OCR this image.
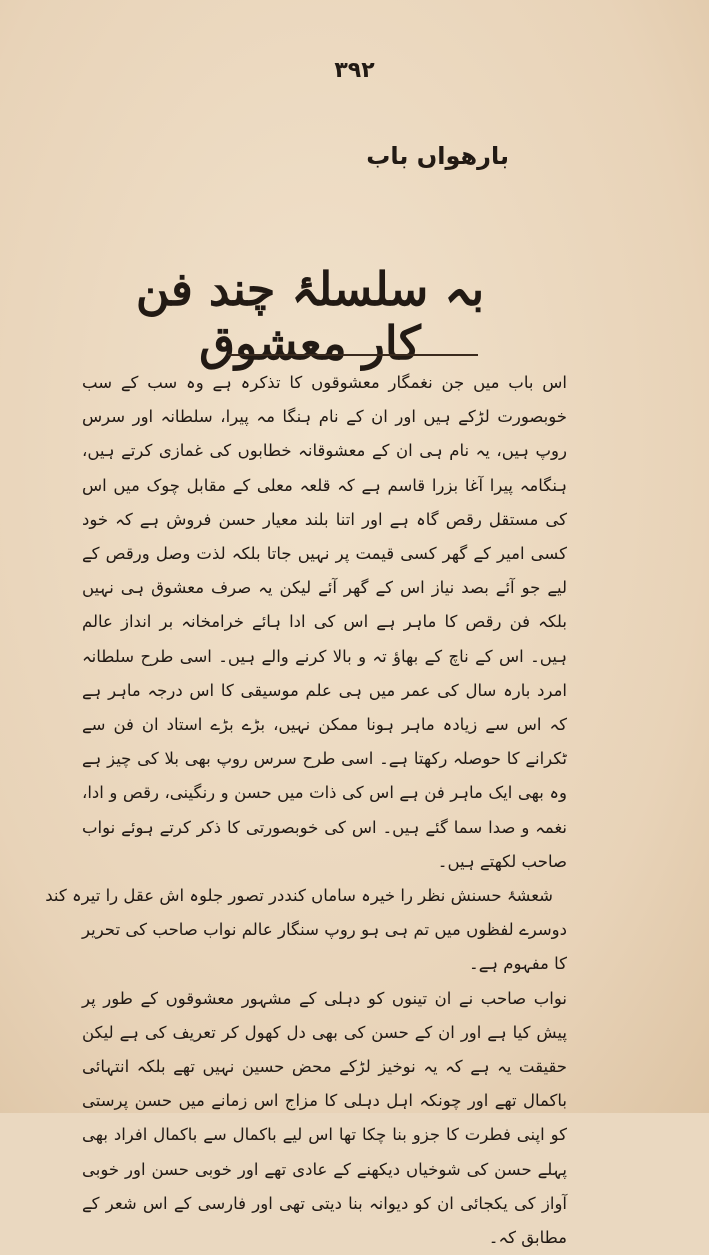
۳۹۲
بارھواں باب
بہ سلسلۂ چند فن کار معشوق

اس باب میں جن نغمگار معشوقوں کا تذکرہ ہے وہ سب کے سب خوبصورت لڑکے ہیں اور ان کے نام ہنگا مہ پیرا، سلطانہ اور سرس روپ ہیں، یہ نام ہی ان کے معشوقانہ خطابوں کی غمازی کرتے ہیں، ہنگامہ پیرا آغا بزرا قاسم ہے کہ قلعہ معلی کے مقابل چوک میں اس کی مستقل رقص گاہ ہے اور اتنا بلند معیار حسن فروش ہے کہ خود کسی امیر کے گھر کسی قیمت پر نہیں جاتا بلکہ لذت وصل ورقص کے لیے جو آئے بصد نیاز اس کے گھر آئے لیکن یہ صرف معشوق ہی نہیں بلکہ فن رقص کا ماہر ہے اس کی ادا ہائے خرامخانہ بر انداز عالم ہیں۔ اس کے ناچ کے بھاؤ تہ و بالا کرنے والے ہیں۔ اسی طرح سلطانہ امرد بارہ سال کی عمر میں ہی علم موسیقی کا اس درجہ ماہر ہے کہ اس سے زیادہ ماہر ہونا ممکن نہیں، بڑے بڑے استاد ان فن سے ٹکرانے کا حوصلہ رکھتا ہے۔ اسی طرح سرس روپ بھی بلا کی چیز ہے وہ بھی ایک ماہر فن ہے اس کی ذات میں حسن و رنگینی، رقص و ادا، نغمہ و صدا سما گئے ہیں۔ اس کی خوبصورتی کا ذکر کرتے ہوئے نواب صاحب لکھتے ہیں۔

شعشۂ حسنش نظر را خیرہ ساماں کند
در تصور جلوہ اش عقل را تیرہ کند

دوسرے لفظوں میں تم ہی ہو روپ سنگار عالم نواب صاحب کی تحریر کا مفہوم ہے۔

نواب صاحب نے ان تینوں کو دہلی کے مشہور معشوقوں کے طور پر پیش کیا ہے اور ان کے حسن کی بھی دل کھول کر تعریف کی ہے لیکن حقیقت یہ ہے کہ یہ نوخیز لڑکے محض حسین نہیں تھے بلکہ انتہائی باکمال تھے اور چونکہ اہل دہلی کا مزاج اس زمانے میں حسن پرستی کو اپنی فطرت کا جزو بنا چکا تھا اس لیے باکمال سے باکمال افراد بھی پہلے حسن کی شوخیاں دیکھنے کے عادی تھے اور خوبی حسن اور خوبی آواز کی یکجائی ان کو دیوانہ بنا دیتی تھی اور فارسی کے اس شعر کے مطابق کہ۔
